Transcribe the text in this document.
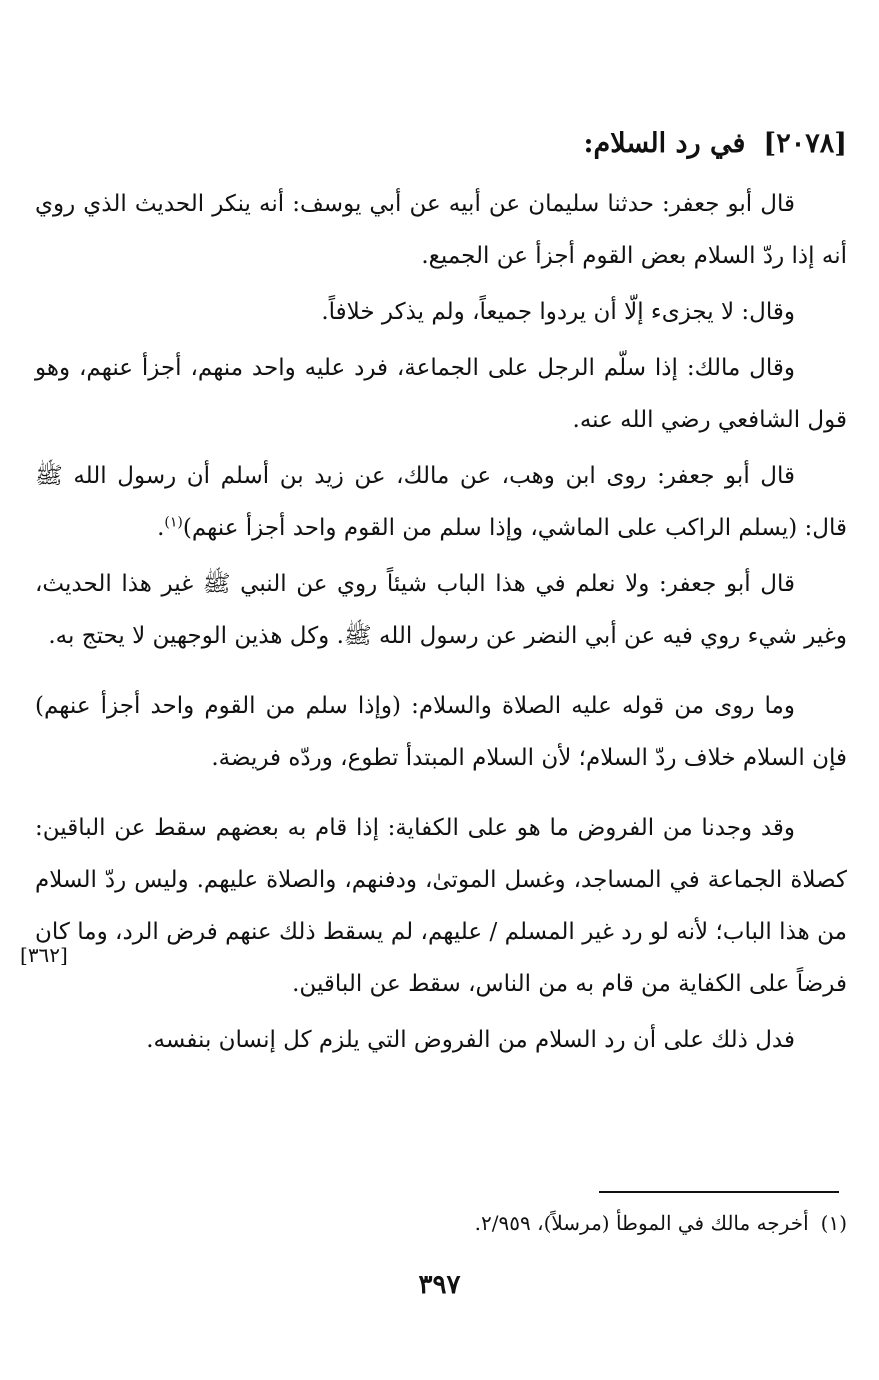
[٢٠٧٨]في رد السلام:

قال أبو جعفر: حدثنا سليمان عن أبيه عن أبي يوسف: أنه ينكر الحديث الذي روي أنه إذا ردّ السلام بعض القوم أجزأ عن الجميع.

وقال: لا يجزىء إلّا أن يردوا جميعاً، ولم يذكر خلافاً.

وقال مالك: إذا سلّم الرجل على الجماعة، فرد عليه واحد منهم، أجزأ عنهم، وهو قول الشافعي رضي الله عنه.

قال أبو جعفر: روى ابن وهب، عن مالك، عن زيد بن أسلم أن رسول الله ﷺ قال: (يسلم الراكب على الماشي، وإذا سلم من القوم واحد أجزأ عنهم)$^{(١)}$.

قال أبو جعفر: ولا نعلم في هذا الباب شيئاً روي عن النبي ﷺ غير هذا الحديث، وغير شيء روي فيه عن أبي النضر عن رسول الله ﷺ. وكل هذين الوجهين لا يحتج به.

وما روى من قوله عليه الصلاة والسلام: (وإذا سلم من القوم واحد أجزأ عنهم) فإن السلام خلاف ردّ السلام؛ لأن السلام المبتدأ تطوع، وردّه فريضة.

وقد وجدنا من الفروض ما هو على الكفاية: إذا قام به بعضهم سقط عن الباقين: كصلاة الجماعة في المساجد، وغسل الموتىٰ، ودفنهم، والصلاة عليهم. وليس ردّ السلام من هذا الباب؛ لأنه لو رد غير المسلم / عليهم، لم يسقط ذلك عنهم فرض الرد، وما كان فرضاً على الكفاية من قام به من الناس، سقط عن الباقين.

فدل ذلك على أن رد السلام من الفروض التي يلزم كل إنسان بنفسه.

[٣٦٢]
(١)أخرجه مالك في الموطأ (مرسلاً)، ٢/٩٥٩.
٣٩٧
